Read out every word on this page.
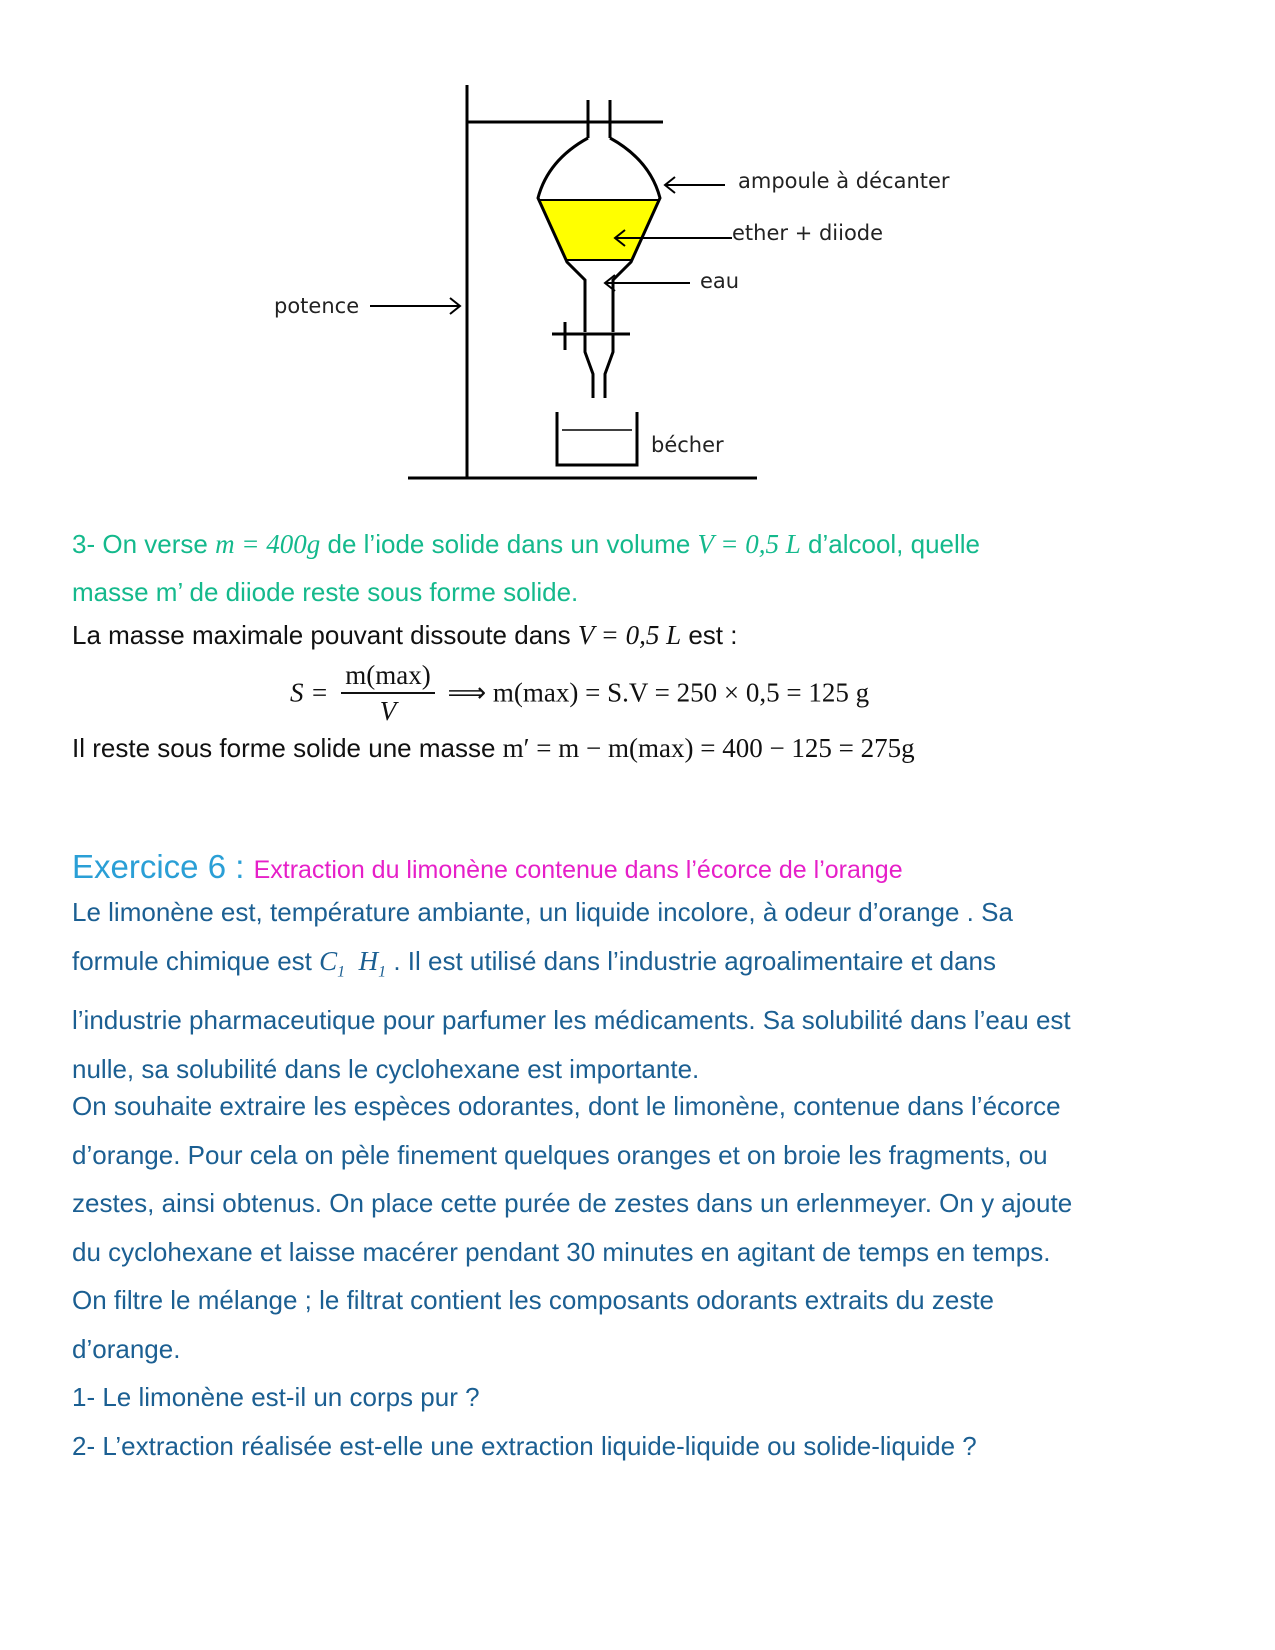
ampoule à décanter
ether + diiode
eau
potence
bécher
3- On verse m = 400g de l’iode solide dans un volume V = 0,5 L d’alcool, quelle
masse m’ de diiode reste sous forme solide.
La masse maximale pouvant dissoute dans V = 0,5 L est :
$S = \frac{m(\max)}{V}$ ⟹ m(max) = S.V = 250 × 0,5 = 125 g
Il reste sous forme solide une masse m′ = m − m(max) = 400 − 125 = 275g
Exercice 6 : Extraction du limonène contenue dans l’écorce de l’orange
Le limonène est, température ambiante, un liquide incolore, à odeur d’orange . Sa
formule chimique est $C_1$ $H_1$ . Il est utilisé dans l’industrie agroalimentaire et dans
l’industrie pharmaceutique pour parfumer les médicaments. Sa solubilité dans l’eau est
nulle, sa solubilité dans le cyclohexane est importante.
On souhaite extraire les espèces odorantes, dont le limonène, contenue dans l’écorce
d’orange. Pour cela on pèle finement quelques oranges et on broie les fragments, ou
zestes, ainsi obtenus. On place cette purée de zestes dans un erlenmeyer. On y ajoute
du cyclohexane et laisse macérer pendant 30 minutes en agitant de temps en temps.
On filtre le mélange ; le filtrat contient les composants odorants extraits du zeste
d’orange.
1- Le limonène est-il un corps pur ?
2- L’extraction réalisée est-elle une extraction liquide-liquide ou solide-liquide ?
